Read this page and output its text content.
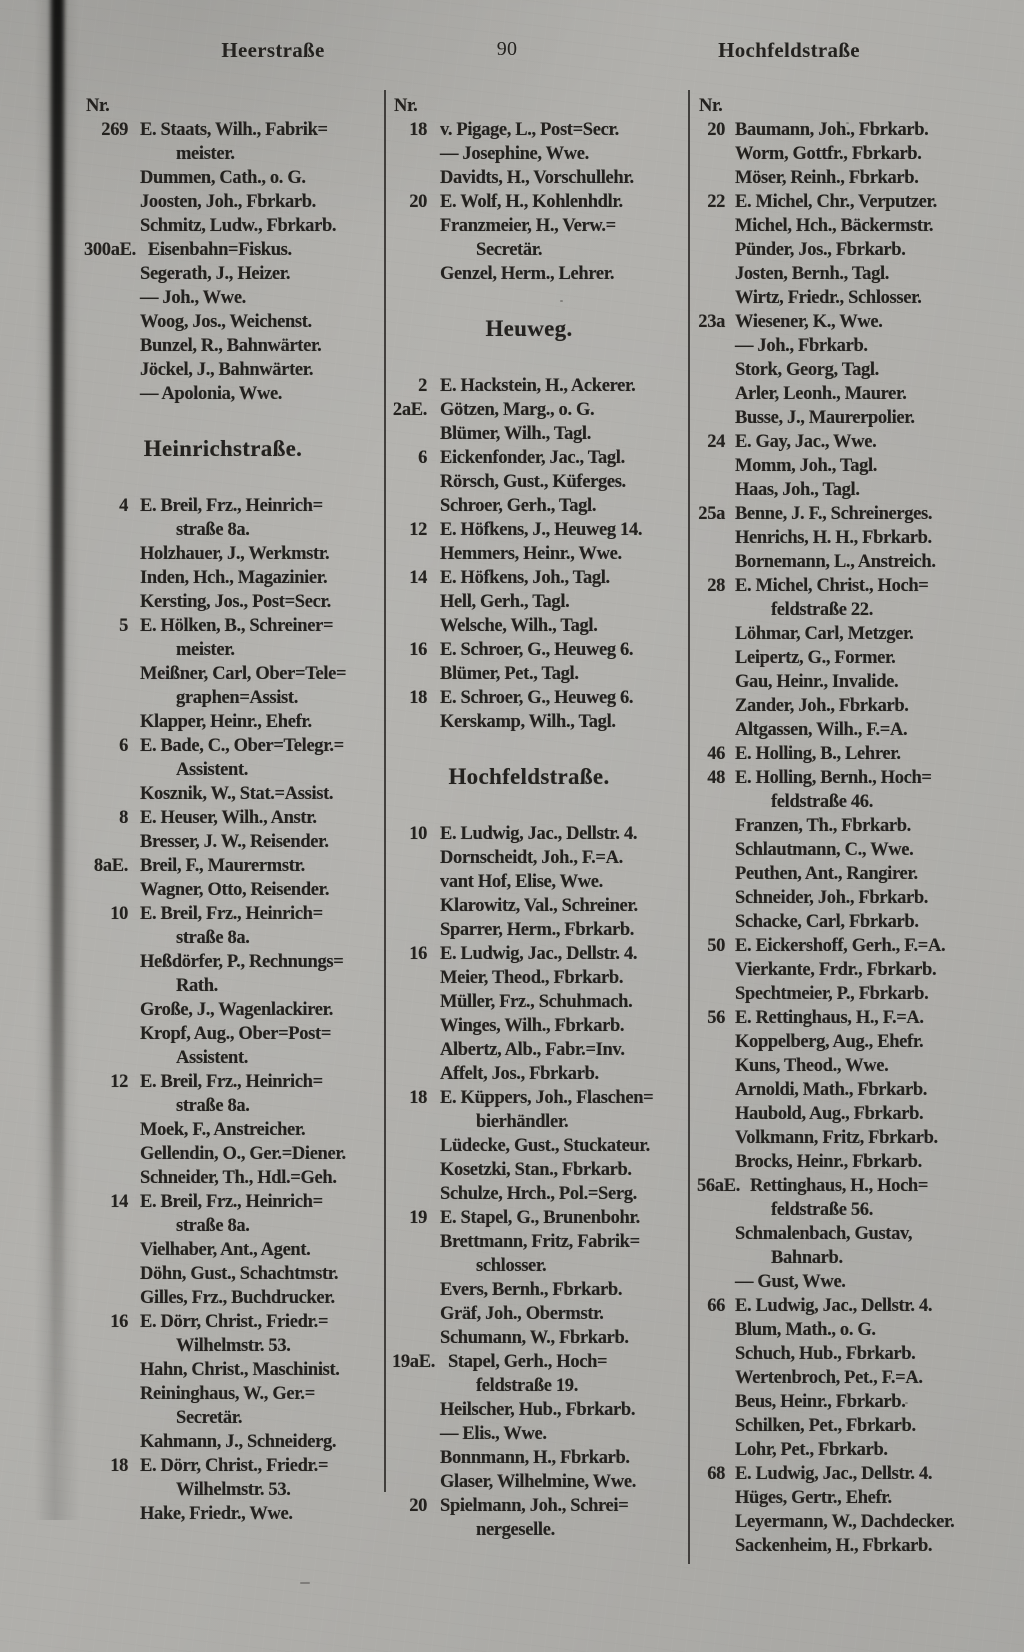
Heerstraße	90	Hochfeldstraße
Nr.
269 E. Staats, Wilh., Fabrik=
meister.
Dummen, Cath., o. G.
Joosten, Joh., Fbrkarb.
Schmitz, Ludw., Fbrkarb.
300aE. Eisenbahn=Fiskus.
Segerath, J., Heizer.
— Joh., Wwe.
Woog, Jos., Weichenst.
Bunzel, R., Bahnwärter.
Jöckel, J., Bahnwärter.
— Apolonia, Wwe.
Heinrichstraße.
4 E. Breil, Frz., Heinrich=
straße 8a.
Holzhauer, J., Werkmstr.
Inden, Hch., Magazinier.
Kersting, Jos., Post=Secr.
5 E. Hölken, B., Schreiner=
meister.
Meißner, Carl, Ober=Tele=
graphen=Assist.
Klapper, Heinr., Ehefr.
6 E. Bade, C., Ober=Telegr.=
Assistent.
Kosznik, W., Stat.=Assist.
8 E. Heuser, Wilh., Anstr.
Bresser, J. W., Reisender.
8aE. Breil, F., Maurermstr.
Wagner, Otto, Reisender.
10 E. Breil, Frz., Heinrich=
straße 8a.
Heßdörfer, P., Rechnungs=
Rath.
Große, J., Wagenlackirer.
Kropf, Aug., Ober=Post=
Assistent.
12 E. Breil, Frz., Heinrich=
straße 8a.
Moek, F., Anstreicher.
Gellendin, O., Ger.=Diener.
Schneider, Th., Hdl.=Geh.
14 E. Breil, Frz., Heinrich=
straße 8a.
Vielhaber, Ant., Agent.
Döhn, Gust., Schachtmstr.
Gilles, Frz., Buchdrucker.
16 E. Dörr, Christ., Friedr.=
Wilhelmstr. 53.
Hahn, Christ., Maschinist.
Reininghaus, W., Ger.=
Secretär.
Kahmann, J., Schneiderg.
18 E. Dörr, Christ., Friedr.=
Wilhelmstr. 53.
Hake, Friedr., Wwe.
Nr.
18 v. Pigage, L., Post=Secr.
— Josephine, Wwe.
Davidts, H., Vorschullehr.
20 E. Wolf, H., Kohlenhdlr.
Franzmeier, H., Verw.=
Secretär.
Genzel, Herm., Lehrer.
Heuweg.
2 E. Hackstein, H., Ackerer.
2aE. Götzen, Marg., o. G.
Blümer, Wilh., Tagl.
6 Eickenfonder, Jac., Tagl.
Rörsch, Gust., Küferges.
Schroer, Gerh., Tagl.
12 E. Höfkens, J., Heuweg 14.
Hemmers, Heinr., Wwe.
14 E. Höfkens, Joh., Tagl.
Hell, Gerh., Tagl.
Welsche, Wilh., Tagl.
16 E. Schroer, G., Heuweg 6.
Blümer, Pet., Tagl.
18 E. Schroer, G., Heuweg 6.
Kerskamp, Wilh., Tagl.
Hochfeldstraße.
10 E. Ludwig, Jac., Dellstr. 4.
Dornscheidt, Joh., F.=A.
vant Hof, Elise, Wwe.
Klarowitz, Val., Schreiner.
Sparrer, Herm., Fbrkarb.
16 E. Ludwig, Jac., Dellstr. 4.
Meier, Theod., Fbrkarb.
Müller, Frz., Schuhmach.
Winges, Wilh., Fbrkarb.
Albertz, Alb., Fabr.=Inv.
Affelt, Jos., Fbrkarb.
18 E. Küppers, Joh., Flaschen=
bierhändler.
Lüdecke, Gust., Stuckateur.
Kosetzki, Stan., Fbrkarb.
Schulze, Hrch., Pol.=Serg.
19 E. Stapel, G., Brunenbohr.
Brettmann, Fritz, Fabrik=
schlosser.
Evers, Bernh., Fbrkarb.
Gräf, Joh., Obermstr.
Schumann, W., Fbrkarb.
19aE. Stapel, Gerh., Hoch=
feldstraße 19.
Heilscher, Hub., Fbrkarb.
— Elis., Wwe.
Bonnmann, H., Fbrkarb.
Glaser, Wilhelmine, Wwe.
20 Spielmann, Joh., Schrei=
nergeselle.
Nr.
20 Baumann, Joh., Fbrkarb.
Worm, Gottfr., Fbrkarb.
Möser, Reinh., Fbrkarb.
22 E. Michel, Chr., Verputzer.
Michel, Hch., Bäckermstr.
Pünder, Jos., Fbrkarb.
Josten, Bernh., Tagl.
Wirtz, Friedr., Schlosser.
23a Wiesener, K., Wwe.
— Joh., Fbrkarb.
Stork, Georg, Tagl.
Arler, Leonh., Maurer.
Busse, J., Maurerpolier.
24 E. Gay, Jac., Wwe.
Momm, Joh., Tagl.
Haas, Joh., Tagl.
25a Benne, J. F., Schreinerges.
Henrichs, H. H., Fbrkarb.
Bornemann, L., Anstreich.
28 E. Michel, Christ., Hoch=
feldstraße 22.
Löhmar, Carl, Metzger.
Leipertz, G., Former.
Gau, Heinr., Invalide.
Zander, Joh., Fbrkarb.
Altgassen, Wilh., F.=A.
46 E. Holling, B., Lehrer.
48 E. Holling, Bernh., Hoch=
feldstraße 46.
Franzen, Th., Fbrkarb.
Schlautmann, C., Wwe.
Peuthen, Ant., Rangirer.
Schneider, Joh., Fbrkarb.
Schacke, Carl, Fbrkarb.
50 E. Eickershoff, Gerh., F.=A.
Vierkante, Frdr., Fbrkarb.
Spechtmeier, P., Fbrkarb.
56 E. Rettinghaus, H., F.=A.
Koppelberg, Aug., Ehefr.
Kuns, Theod., Wwe.
Arnoldi, Math., Fbrkarb.
Haubold, Aug., Fbrkarb.
Volkmann, Fritz, Fbrkarb.
Brocks, Heinr., Fbrkarb.
56aE. Rettinghaus, H., Hoch=
feldstraße 56.
Schmalenbach, Gustav,
Bahnarb.
— Gust, Wwe.
66 E. Ludwig, Jac., Dellstr. 4.
Blum, Math., o. G.
Schuch, Hub., Fbrkarb.
Wertenbroch, Pet., F.=A.
Beus, Heinr., Fbrkarb.
Schilken, Pet., Fbrkarb.
Lohr, Pet., Fbrkarb.
68 E. Ludwig, Jac., Dellstr. 4.
Hüges, Gertr., Ehefr.
Leyermann, W., Dachdecker.
Sackenheim, H., Fbrkarb.
